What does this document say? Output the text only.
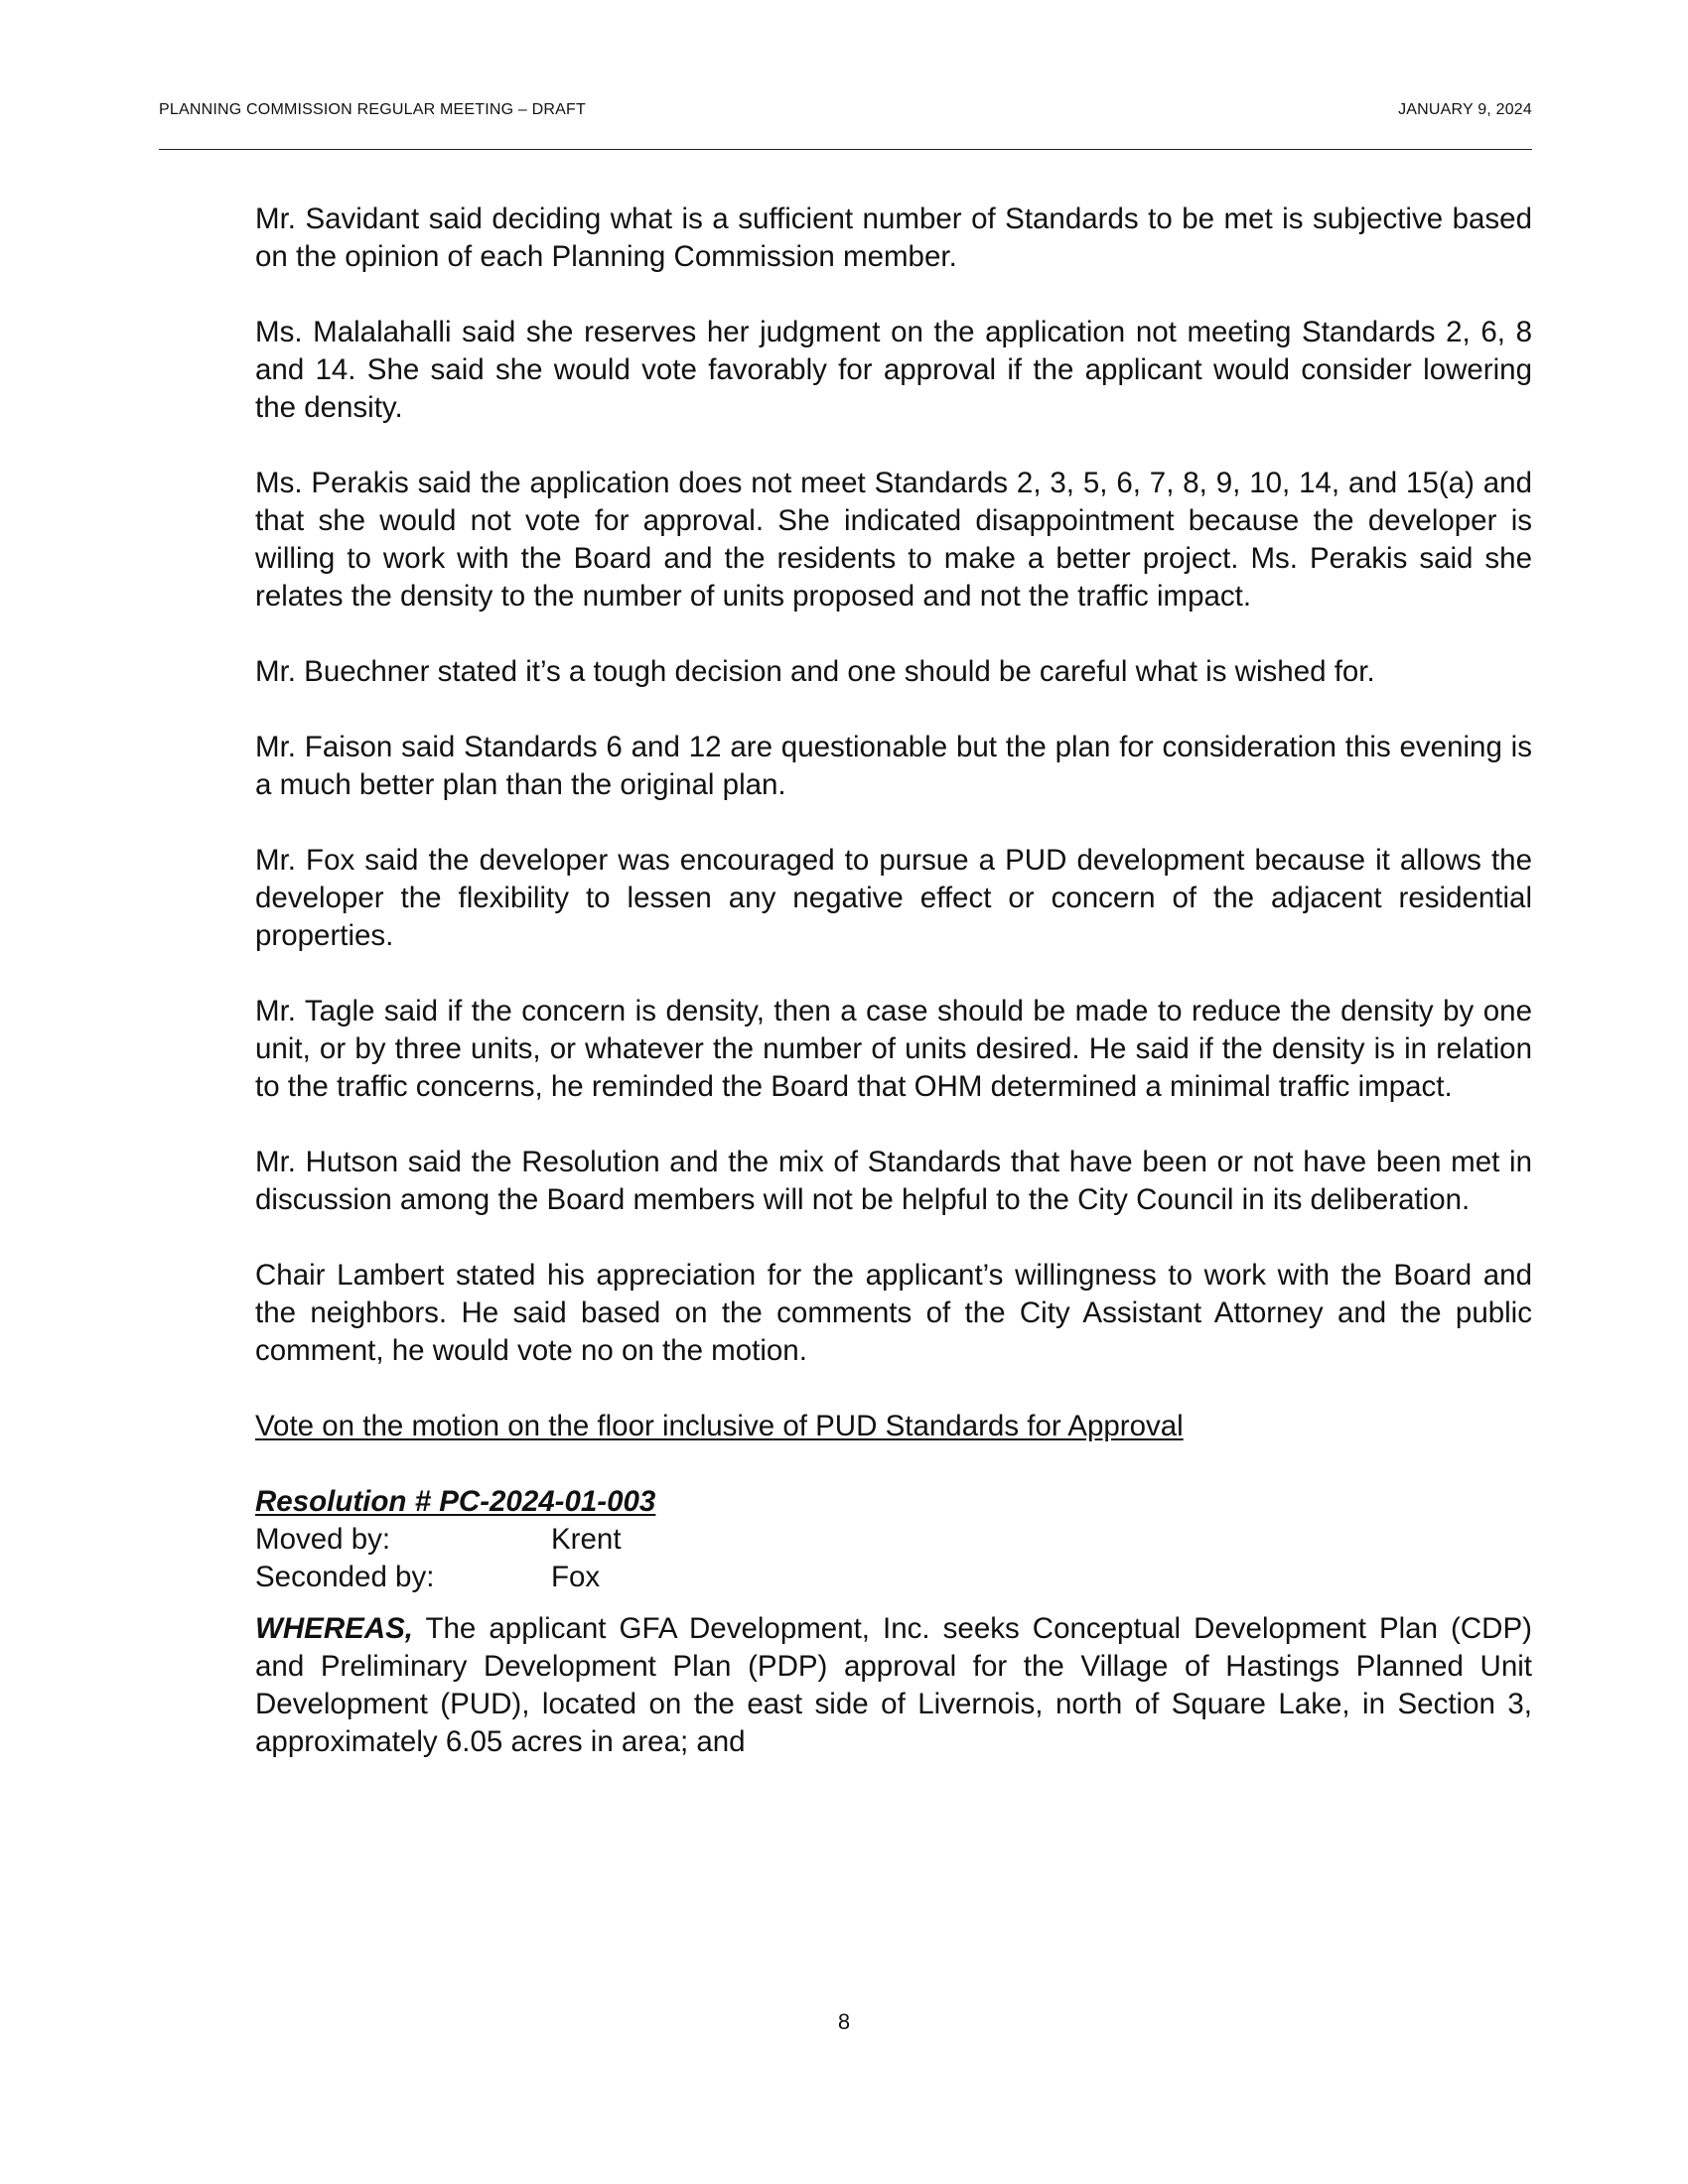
PLANNING COMMISSION REGULAR MEETING – DRAFT	JANUARY 9, 2024

Mr. Savidant said deciding what is a sufficient number of Standards to be met is subjective based on the opinion of each Planning Commission member.

Ms. Malalahalli said she reserves her judgment on the application not meeting Standards 2, 6, 8 and 14. She said she would vote favorably for approval if the applicant would consider lowering the density.

Ms. Perakis said the application does not meet Standards 2, 3, 5, 6, 7, 8, 9, 10, 14, and 15(a) and that she would not vote for approval. She indicated disappointment because the developer is willing to work with the Board and the residents to make a better project. Ms. Perakis said she relates the density to the number of units proposed and not the traffic impact.

Mr. Buechner stated it’s a tough decision and one should be careful what is wished for.

Mr. Faison said Standards 6 and 12 are questionable but the plan for consideration this evening is a much better plan than the original plan.

Mr. Fox said the developer was encouraged to pursue a PUD development because it allows the developer the flexibility to lessen any negative effect or concern of the adjacent residential properties.

Mr. Tagle said if the concern is density, then a case should be made to reduce the density by one unit, or by three units, or whatever the number of units desired. He said if the density is in relation to the traffic concerns, he reminded the Board that OHM determined a minimal traffic impact.

Mr. Hutson said the Resolution and the mix of Standards that have been or not have been met in discussion among the Board members will not be helpful to the City Council in its deliberation.

Chair Lambert stated his appreciation for the applicant’s willingness to work with the Board and the neighbors. He said based on the comments of the City Assistant Attorney and the public comment, he would vote no on the motion.

Vote on the motion on the floor inclusive of PUD Standards for Approval

Resolution # PC-2024-01-003
Moved by:	Krent
Seconded by:	Fox

WHEREAS, The applicant GFA Development, Inc. seeks Conceptual Development Plan (CDP) and Preliminary Development Plan (PDP) approval for the Village of Hastings Planned Unit Development (PUD), located on the east side of Livernois, north of Square Lake, in Section 3, approximately 6.05 acres in area; and

8
